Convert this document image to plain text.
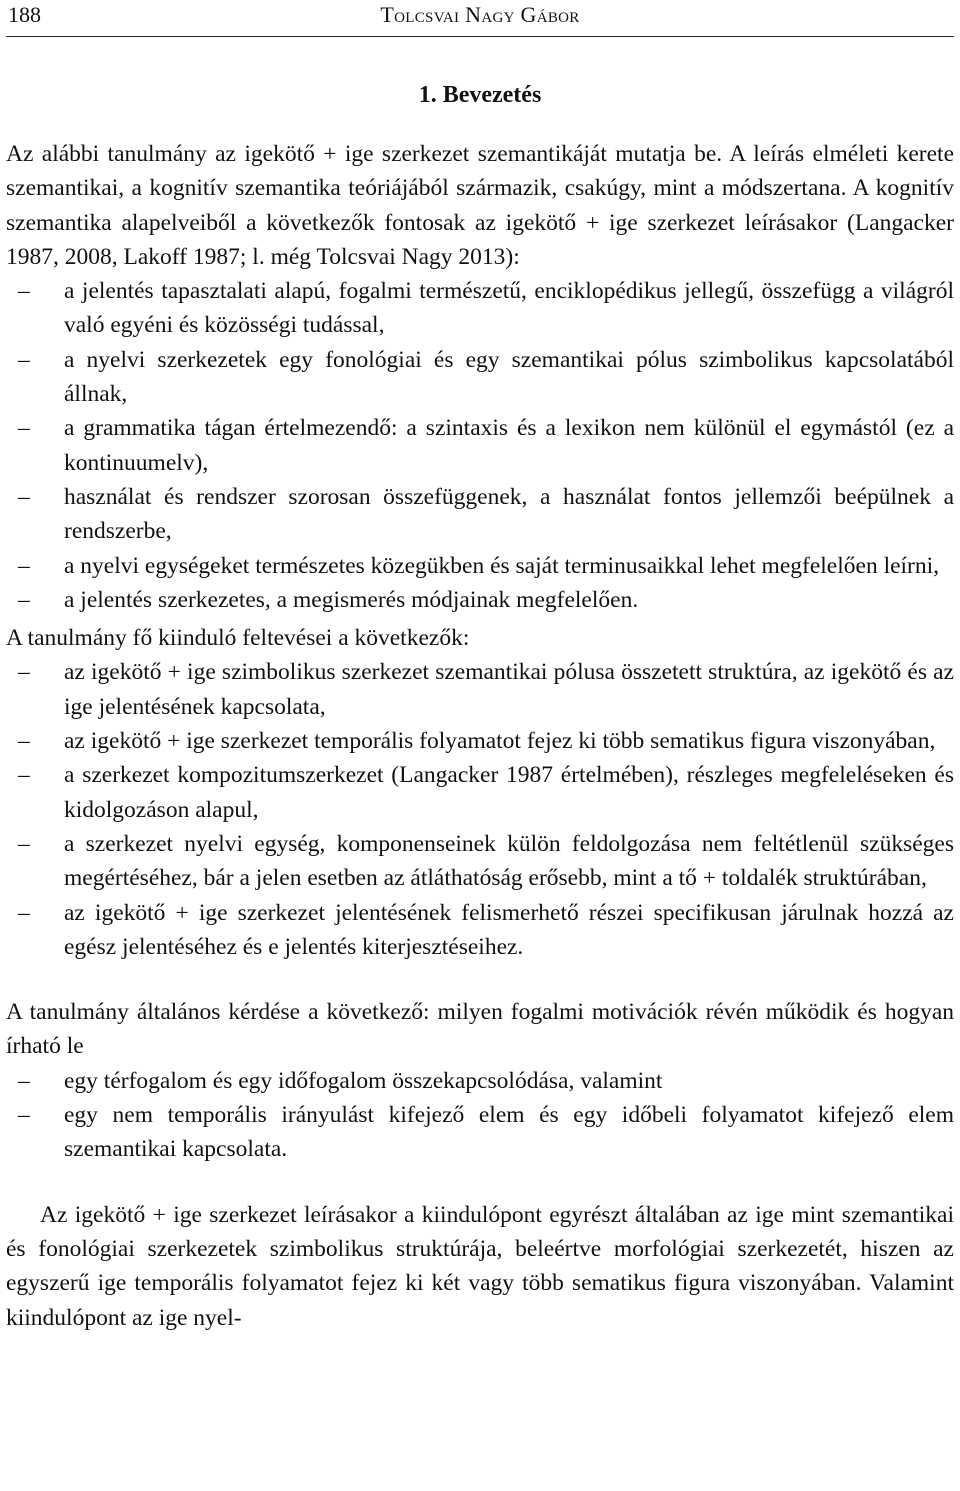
188	Tolcsvai Nagy Gábor
1. Bevezetés

Az alábbi tanulmány az igekötő + ige szerkezet szemantikáját mutatja be. A leírás elméleti kerete szemantikai, a kognitív szemantika teóriájából származik, csakúgy, mint a módszertana. A kognitív szemantika alapelveiből a következők fontosak az igekötő + ige szerkezet leírásakor (Langacker 1987, 2008, Lakoff 1987; l. még Tolcsvai Nagy 2013):

– a jelentés tapasztalati alapú, fogalmi természetű, enciklopédikus jellegű, összefügg a világról való egyéni és közösségi tudással,
– a nyelvi szerkezetek egy fonológiai és egy szemantikai pólus szimbolikus kapcsolatából állnak,
– a grammatika tágan értelmezendő: a szintaxis és a lexikon nem különül el egymástól (ez a kontinuumelv),
– használat és rendszer szorosan összefüggenek, a használat fontos jellemzői beépülnek a rendszerbe,
– a nyelvi egységeket természetes közegükben és saját terminusaikkal lehet megfelelően leírni,
– a jelentés szerkezetes, a megismerés módjainak megfelelően.

A tanulmány fő kiinduló feltevései a következők:

– az igekötő + ige szimbolikus szerkezet szemantikai pólusa összetett struktúra, az igekötő és az ige jelentésének kapcsolata,
– az igekötő + ige szerkezet temporális folyamatot fejez ki több sematikus figura viszonyában,
– a szerkezet kompozitumszerkezet (Langacker 1987 értelmében), részleges megfeleléseken és kidolgozáson alapul,
– a szerkezet nyelvi egység, komponenseinek külön feldolgozása nem feltétlenül szükséges megértéséhez, bár a jelen esetben az átláthatóság erősebb, mint a tő + toldalék struktúrában,
– az igekötő + ige szerkezet jelentésének felismerhető részei specifikusan járulnak hozzá az egész jelentéséhez és e jelentés kiterjesztéseihez.

A tanulmány általános kérdése a következő: milyen fogalmi motivációk révén működik és hogyan írható le

– egy térfogalom és egy időfogalom összekapcsolódása, valamint
– egy nem temporális irányulást kifejező elem és egy időbeli folyamatot kifejező elem szemantikai kapcsolata.

Az igekötő + ige szerkezet leírásakor a kiindulópont egyrészt általában az ige mint szemantikai és fonológiai szerkezetek szimbolikus struktúrája, beleértve morfológiai szerkezetét, hiszen az egyszerű ige temporális folyamatot fejez ki két vagy több sematikus figura viszonyában. Valamint kiindulópont az ige nyel-
